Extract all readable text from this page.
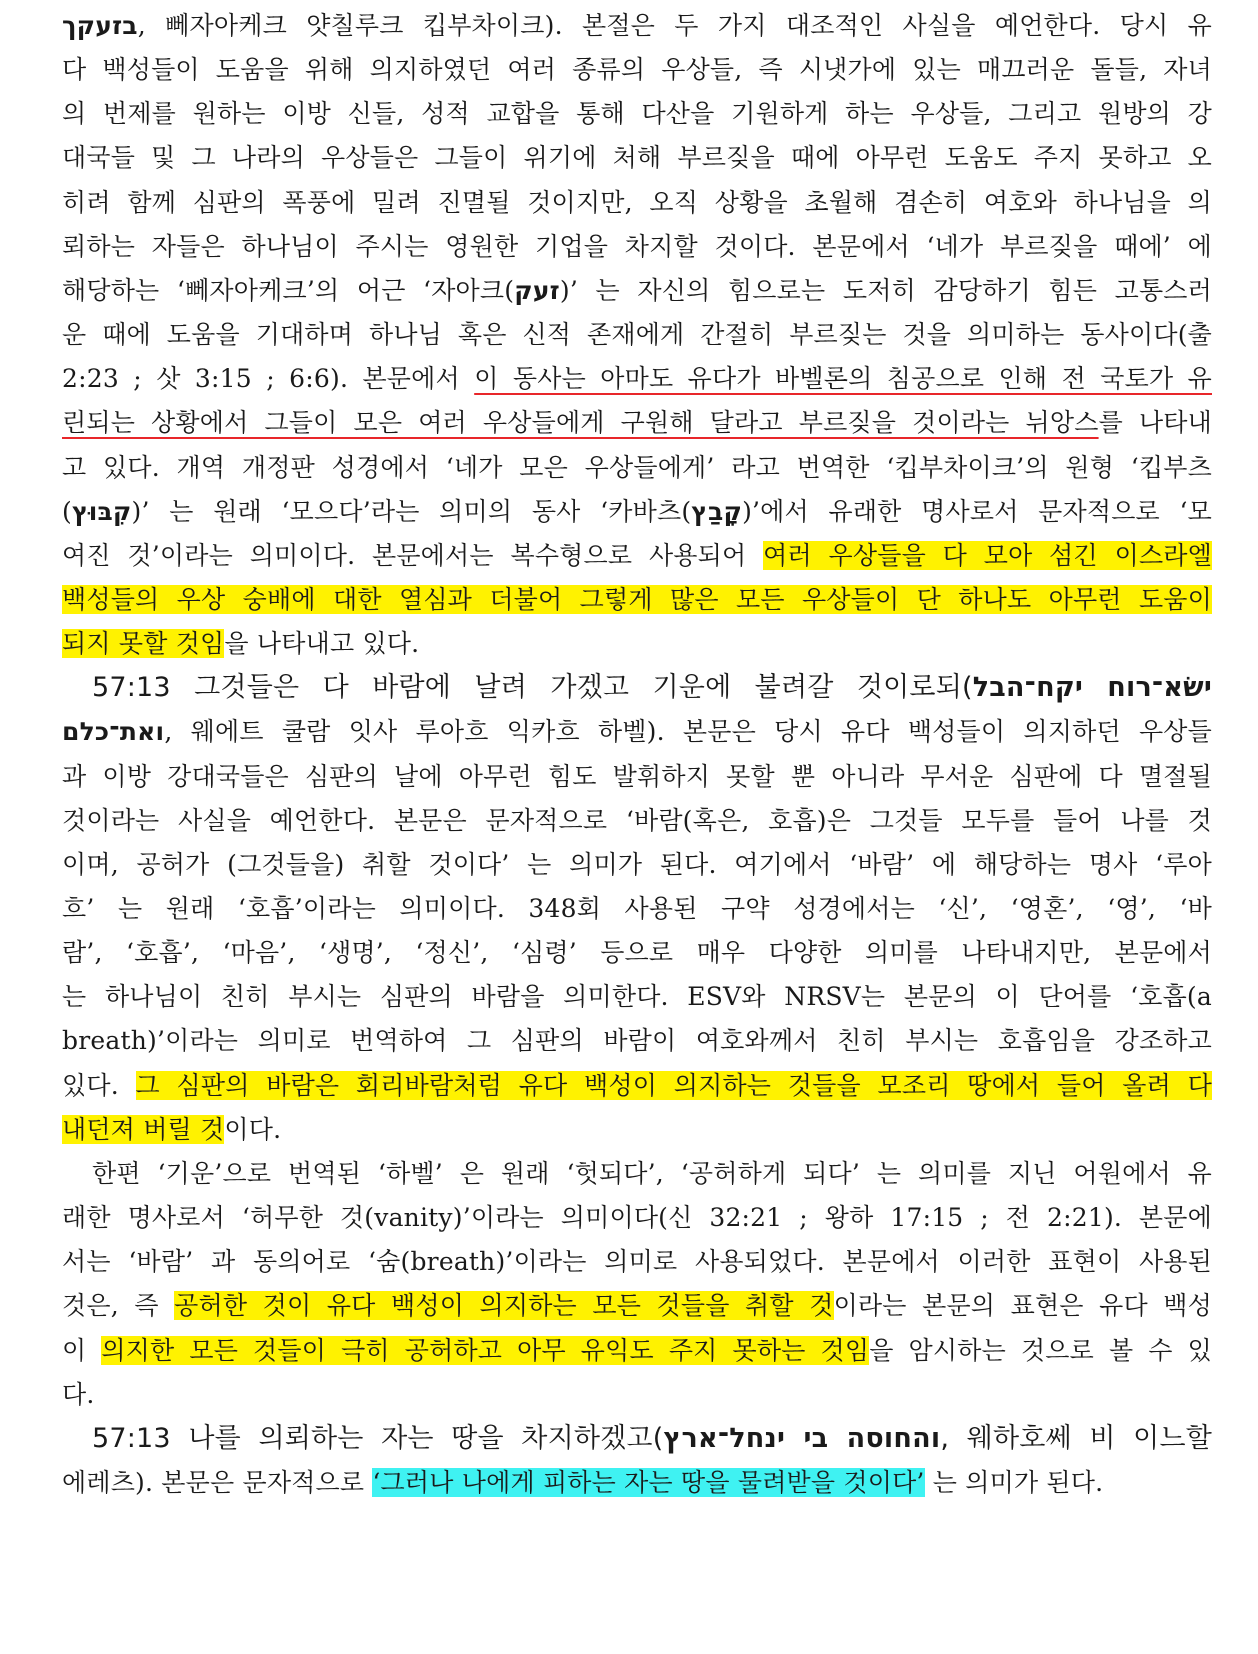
בזעקך, 뻬자아케크 얏칠루크 킵부차이크). 본절은 두 가지 대조적인 사실을 예언한다. 당시 유
다 백성들이 도움을 위해 의지하였던 여러 종류의 우상들, 즉 시냇가에 있는 매끄러운 돌들, 자녀
의 번제를 원하는 이방 신들, 성적 교합을 통해 다산을 기원하게 하는 우상들, 그리고 원방의 강
대국들 및 그 나라의 우상들은 그들이 위기에 처해 부르짖을 때에 아무런 도움도 주지 못하고 오
히려 함께 심판의 폭풍에 밀려 진멸될 것이지만, 오직 상황을 초월해 겸손히 여호와 하나님을 의
뢰하는 자들은 하나님이 주시는 영원한 기업을 차지할 것이다. 본문에서 ‘네가 부르짖을 때에’ 에
해당하는 ‘뻬자아케크’의 어근 ‘자아크(זעק)’ 는 자신의 힘으로는 도저히 감당하기 힘든 고통스러
운 때에 도움을 기대하며 하나님 혹은 신적 존재에게 간절히 부르짖는 것을 의미하는 동사이다(출
2:23 ; 삿 3:15 ; 6:6). 본문에서 이 동사는 아마도 유다가 바벨론의 침공으로 인해 전 국토가 유
린되는 상황에서 그들이 모은 여러 우상들에게 구원해 달라고 부르짖을 것이라는 뉘앙스를 나타내
고 있다. 개역 개정판 성경에서 ‘네가 모은 우상들에게’ 라고 번역한 ‘킵부차이크’의 원형 ‘킵부츠
(קִבּוּץ)’ 는 원래 ‘모으다’라는 의미의 동사 ‘카바츠(קָבַץ)’에서 유래한 명사로서 문자적으로 ‘모
여진 것’이라는 의미이다. 본문에서는 복수형으로 사용되어 여러 우상들을 다 모아 섬긴 이스라엘
백성들의 우상 숭배에 대한 열심과 더불어 그렇게 많은 모든 우상들이 단 하나도 아무런 도움이
되지 못할 것임을 나타내고 있다.
57:13 그것들은 다 바람에 날려 가겠고 기운에 불려갈 것이로되(ישׂא־רוח יקח־הבל
ואת־כלם, 웨에트 쿨람 잇사 루아흐 익카흐 하벨). 본문은 당시 유다 백성들이 의지하던 우상들
과 이방 강대국들은 심판의 날에 아무런 힘도 발휘하지 못할 뿐 아니라 무서운 심판에 다 멸절될
것이라는 사실을 예언한다. 본문은 문자적으로 ‘바람(혹은, 호흡)은 그것들 모두를 들어 나를 것
이며, 공허가 (그것들을) 취할 것이다’ 는 의미가 된다. 여기에서 ‘바람’ 에 해당하는 명사 ‘루아
흐’ 는 원래 ‘호흡’이라는 의미이다. 348회 사용된 구약 성경에서는 ‘신’, ‘영혼’, ‘영’, ‘바
람’, ‘호흡’, ‘마음’, ‘생명’, ‘정신’, ‘심령’ 등으로 매우 다양한 의미를 나타내지만, 본문에서
는 하나님이 친히 부시는 심판의 바람을 의미한다. ESV와 NRSV는 본문의 이 단어를 ‘호흡(a
breath)’이라는 의미로 번역하여 그 심판의 바람이 여호와께서 친히 부시는 호흡임을 강조하고
있다. 그 심판의 바람은 회리바람처럼 유다 백성이 의지하는 것들을 모조리 땅에서 들어 올려 다
내던져 버릴 것이다.
한편 ‘기운’으로 번역된 ‘하벨’ 은 원래 ‘헛되다’, ‘공허하게 되다’ 는 의미를 지닌 어원에서 유
래한 명사로서 ‘허무한 것(vanity)’이라는 의미이다(신 32:21 ; 왕하 17:15 ; 전 2:21). 본문에
서는 ‘바람’ 과 동의어로 ‘숨(breath)’이라는 의미로 사용되었다. 본문에서 이러한 표현이 사용된
것은, 즉 공허한 것이 유다 백성이 의지하는 모든 것들을 취할 것이라는 본문의 표현은 유다 백성
이 의지한 모든 것들이 극히 공허하고 아무 유익도 주지 못하는 것임을 암시하는 것으로 볼 수 있
다.
57:13 나를 의뢰하는 자는 땅을 차지하겠고(והחוסה בי ינחל־ארץ, 웨하호쎄 비 이느할
에레츠). 본문은 문자적으로 ‘그러나 나에게 피하는 자는 땅을 물려받을 것이다’ 는 의미가 된다.
